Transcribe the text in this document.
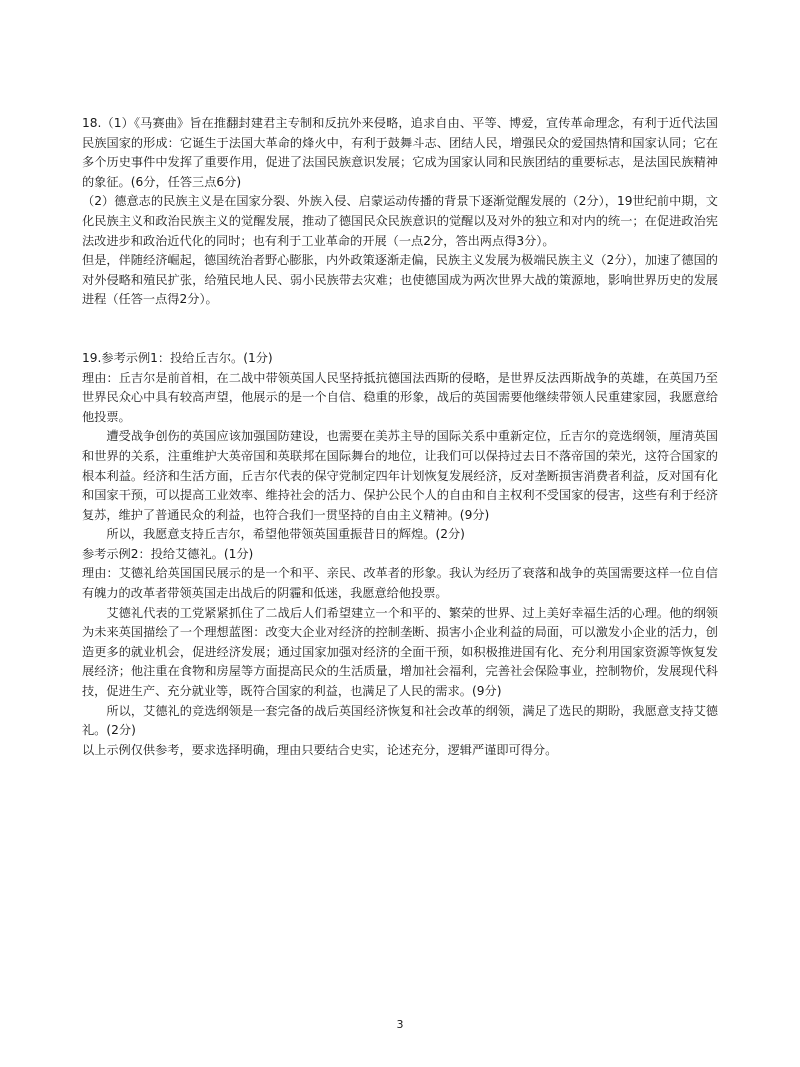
18.（1）《马赛曲》旨在推翻封建君主专制和反抗外来侵略，追求自由、平等、博爱，宣传革命理念，有利于近代法国民族国家的形成：它诞生于法国大革命的烽火中，有利于鼓舞斗志、团结人民，增强民众的爱国热情和国家认同；它在多个历史事件中发挥了重要作用，促进了法国民族意识发展；它成为国家认同和民族团结的重要标志，是法国民族精神的象征。(6分，任答三点6分)

（2）德意志的民族主义是在国家分裂、外族入侵、启蒙运动传播的背景下逐渐觉醒发展的（2分），19世纪前中期，文化民族主义和政治民族主义的觉醒发展，推动了德国民众民族意识的觉醒以及对外的独立和对内的统一；在促进政治宪法改进步和政治近代化的同时；也有利于工业革命的开展（一点2分，答出两点得3分）。

但是，伴随经济崛起，德国统治者野心膨胀，内外政策逐渐走偏，民族主义发展为极端民族主义（2分），加速了德国的对外侵略和殖民扩张，给殖民地人民、弱小民族带去灾难；也使德国成为两次世界大战的策源地，影响世界历史的发展进程（任答一点得2分）。

19.参考示例1：投给丘吉尔。(1分)

理由：丘吉尔是前首相，在二战中带领英国人民坚持抵抗德国法西斯的侵略，是世界反法西斯战争的英雄，在英国乃至世界民众心中具有较高声望，他展示的是一个自信、稳重的形象，战后的英国需要他继续带领人民重建家园，我愿意给他投票。

遭受战争创伤的英国应该加强国防建设，也需要在美苏主导的国际关系中重新定位，丘吉尔的竞选纲领，厘清英国和世界的关系，注重维护大英帝国和英联邦在国际舞台的地位，让我们可以保持过去日不落帝国的荣光，这符合国家的根本利益。经济和生活方面，丘吉尔代表的保守党制定四年计划恢复发展经济，反对垄断损害消费者利益，反对国有化和国家干预，可以提高工业效率、维持社会的活力、保护公民个人的自由和自主权利不受国家的侵害，这些有利于经济复苏，维护了普通民众的利益，也符合我们一贯坚持的自由主义精神。(9分)

所以，我愿意支持丘吉尔，希望他带领英国重振昔日的辉煌。(2分)

参考示例2：投给艾德礼。(1分)

理由：艾德礼给英国国民展示的是一个和平、亲民、改革者的形象。我认为经历了衰落和战争的英国需要这样一位自信有魄力的改革者带领英国走出战后的阴霾和低迷，我愿意给他投票。

艾德礼代表的工党紧紧抓住了二战后人们希望建立一个和平的、繁荣的世界、过上美好幸福生活的心理。他的纲领为未来英国描绘了一个理想蓝图：改变大企业对经济的控制垄断、损害小企业利益的局面，可以激发小企业的活力，创造更多的就业机会，促进经济发展；通过国家加强对经济的全面干预，如积极推进国有化、充分利用国家资源等恢复发展经济；他注重在食物和房屋等方面提高民众的生活质量，增加社会福利，完善社会保险事业，控制物价，发展现代科技，促进生产、充分就业等，既符合国家的利益，也满足了人民的需求。(9分)

所以，艾德礼的竞选纲领是一套完备的战后英国经济恢复和社会改革的纲领，满足了选民的期盼，我愿意支持艾德礼。(2分)

以上示例仅供参考，要求选择明确，理由只要结合史实，论述充分，逻辑严谨即可得分。

3
